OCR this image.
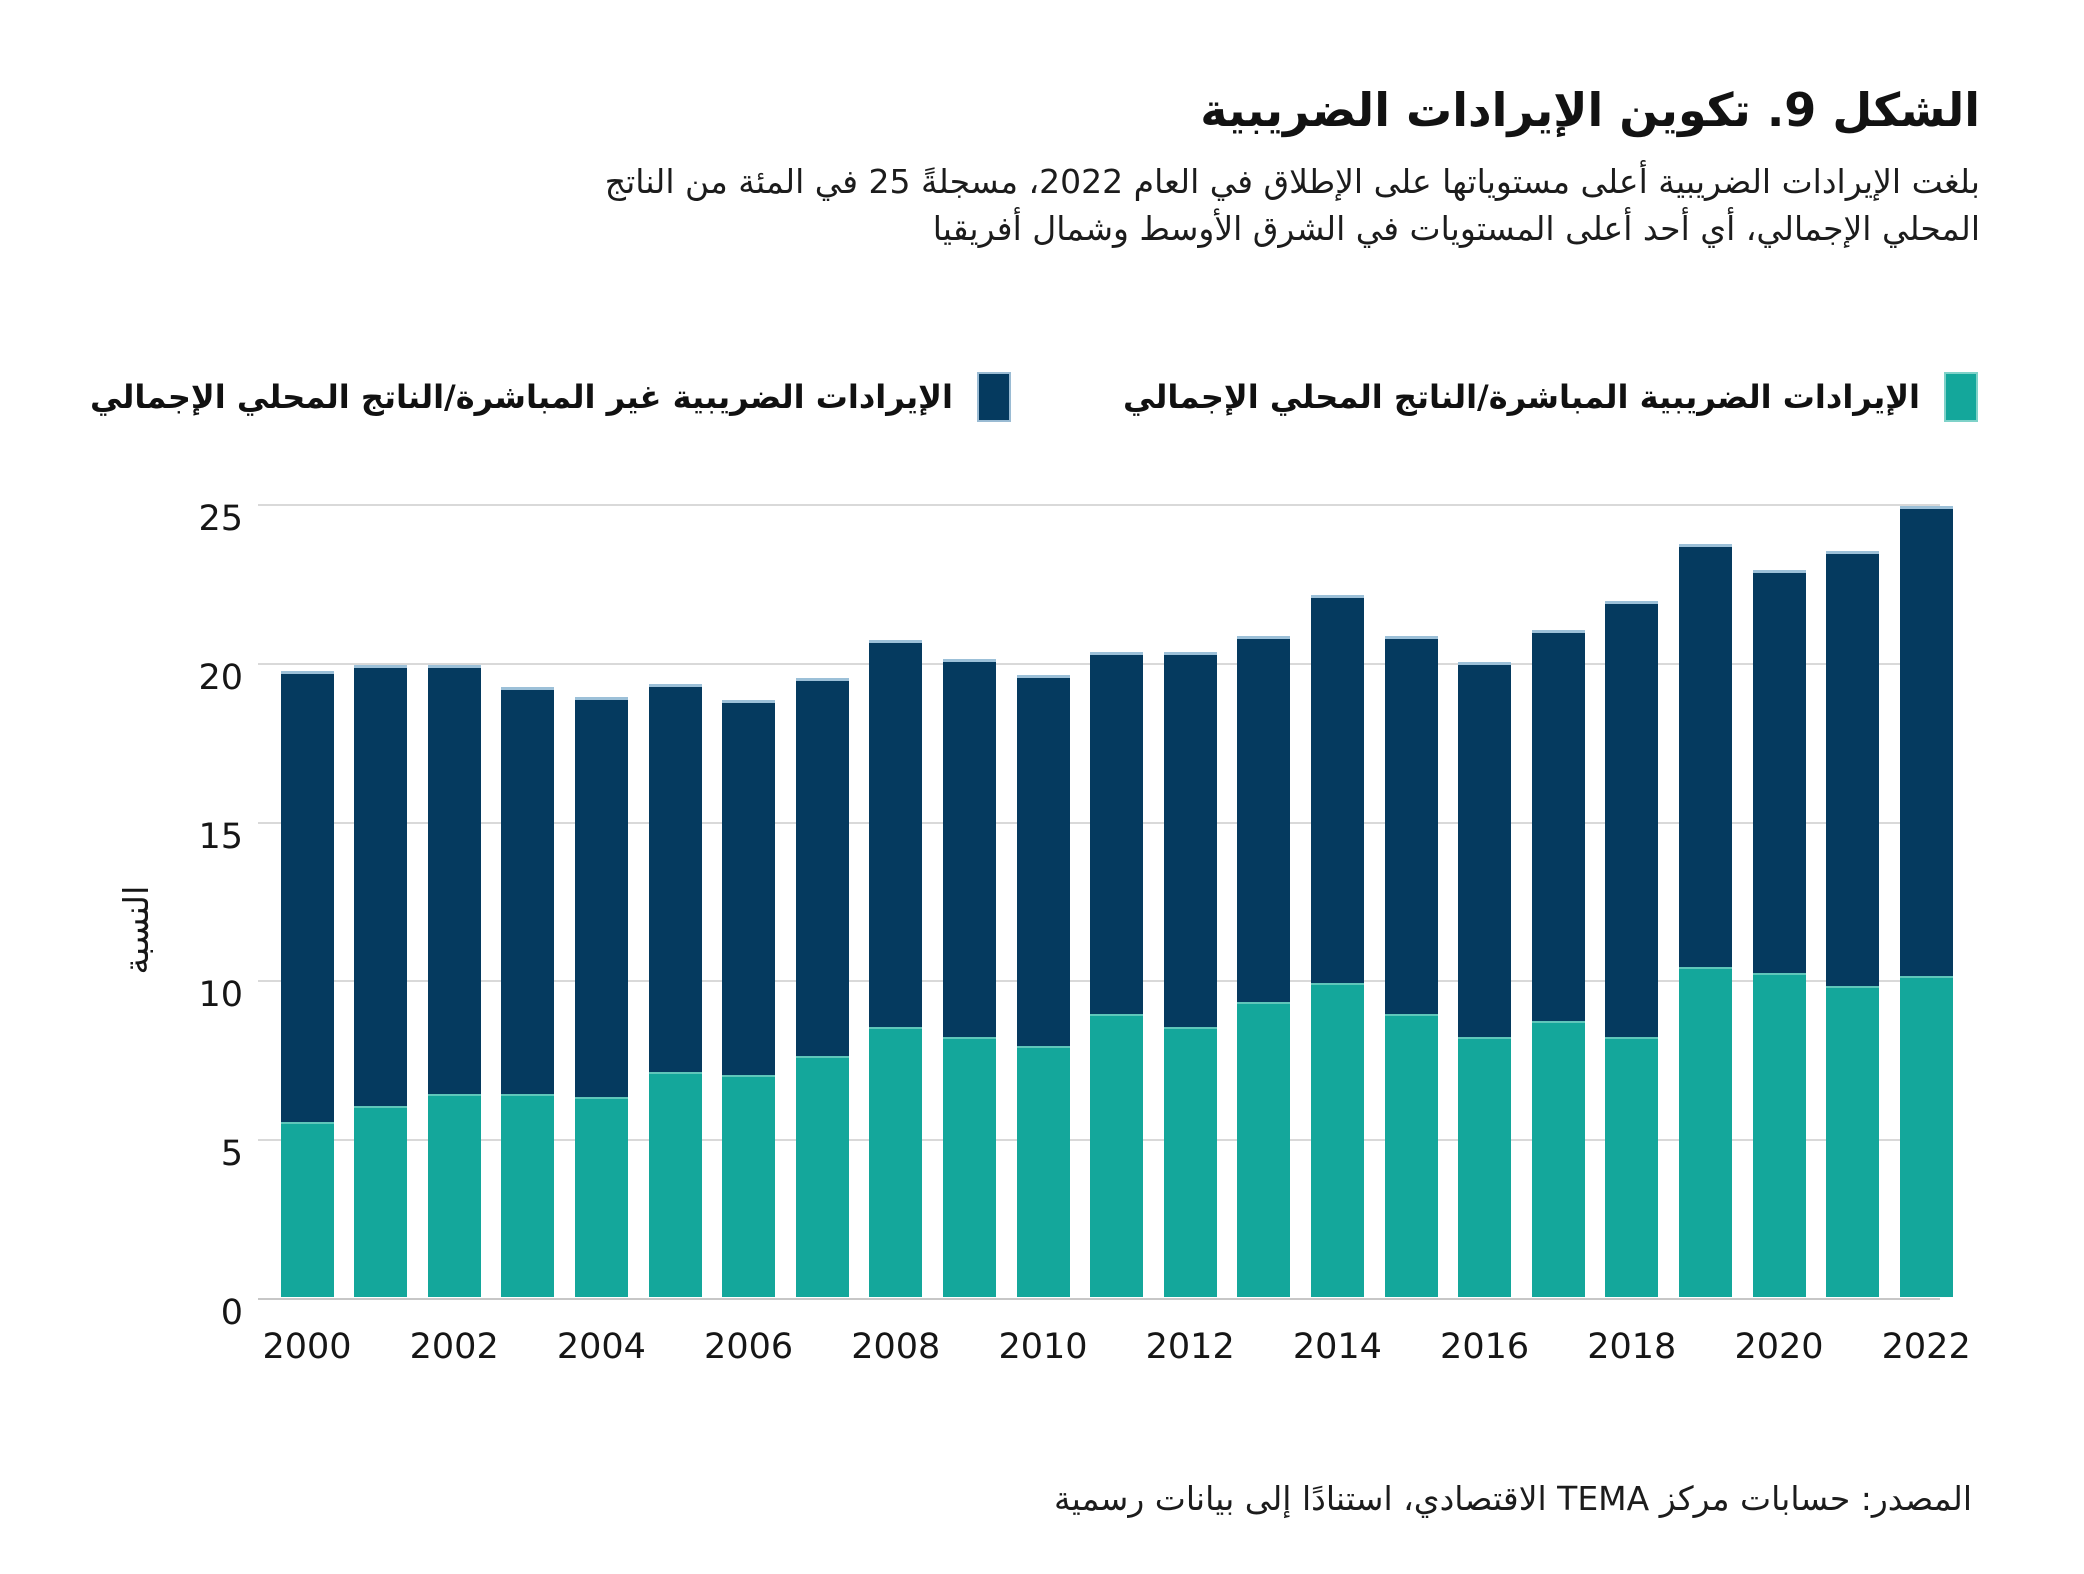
الشكل 9. تكوين الإيرادات الضريبية
بلغت الإيرادات الضريبية أعلى مستوياتها على الإطلاق في العام 2022، مسجلةً 25 في المئة من الناتج
المحلي الإجمالي، أي أحد أعلى المستويات في الشرق الأوسط وشمال أفريقيا
الإيرادات الضريبية المباشرة/الناتج المحلي الإجمالي
الإيرادات الضريبية غير المباشرة/الناتج المحلي الإجمالي
النسبة
0
5
10
15
20
25
2000 2002 2004 2006 2008 2010 2012 2014 2016 2018 2020 2022

المصدر: حسابات مركز TEMA الاقتصادي، استنادًا إلى بيانات رسمية
